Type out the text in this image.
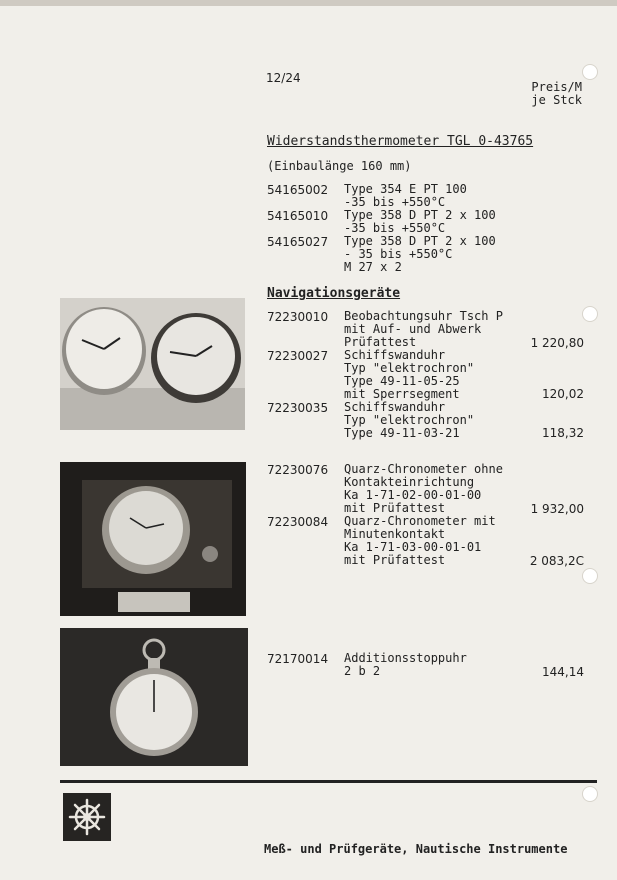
12/24
Preis/M
je Stck
Widerstandsthermometer TGL 0-43765
(Einbaulänge 160 mm)
54165002 Type 354 E PT 100
-35 bis +550°C
54165010 Type 358 D PT 2 x 100
-35 bis +550°C
54165027 Type 358 D PT 2 x 100
- 35 bis +550°C
M 27 x 2
Navigationsgeräte
72230010 Beobachtungsuhr Tsch P
mit Auf- und Abwerk
Prüfattest	1 220,80
72230027 Schiffswanduhr
Typ "elektrochron"
Type 49-11-05-25
mit Sperrsegment	120,02
72230035 Schiffswanduhr
Typ "elektrochron"
Type 49-11-03-21	118,32
72230076 Quarz-Chronometer ohne
Kontakteinrichtung
Ka 1-71-02-00-01-00
mit Prüfattest	1 932,00
72230084 Quarz-Chronometer mit
Minutenkontakt
Ka 1-71-03-00-01-01
mit Prüfattest	2 083,2C
72170014 Additionsstoppuhr
2 b 2	144,14
Meß- und Prüfgeräte, Nautische Instrumente
